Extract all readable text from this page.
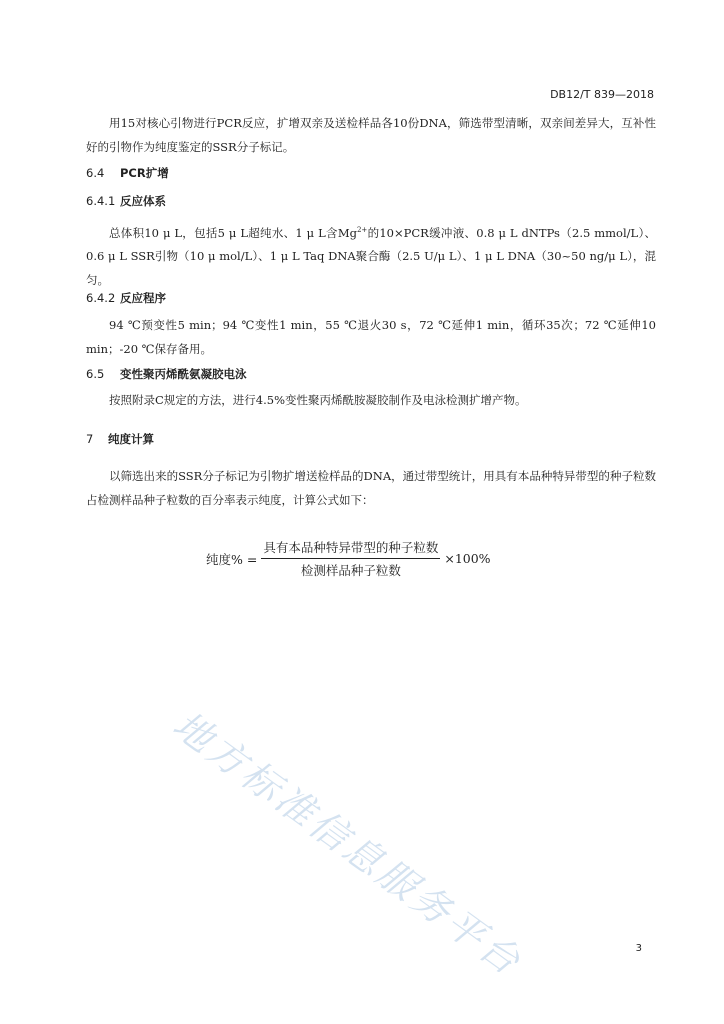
DB12/T 839—2018
用15对核心引物进行PCR反应，扩增双亲及送检样品各10份DNA，筛选带型清晰，双亲间差异大，互补性好的引物作为纯度鉴定的SSR分子标记。
6.4 PCR扩增
6.4.1 反应体系
总体积10 μ L，包括5 μ L超纯水、1 μ L含$Mg^{2+}$的10×PCR缓冲液、0.8 μ L dNTPs（2.5 mmol/L）、0.6 μ L SSR引物（10 μ mol/L）、1 μ L Taq DNA聚合酶（2.5 U/μ L）、1 μ L DNA（30~50 ng/μ L），混匀。
6.4.2 反应程序
94 ℃预变性5 min；94 ℃变性1 min，55 ℃退火30 s，72 ℃延伸1 min，循环35次；72 ℃延伸10 min；-20 ℃保存备用。
6.5 变性聚丙烯酰氨凝胶电泳
按照附录C规定的方法，进行4.5%变性聚丙烯酰胺凝胶制作及电泳检测扩增产物。
7 纯度计算
以筛选出来的SSR分子标记为引物扩增送检样品的DNA，通过带型统计，用具有本品种特异带型的种子粒数占检测样品种子粒数的百分率表示纯度，计算公式如下：
纯度% = $\frac{\text{具有本品种特异带型的种子粒数}}{\text{检测样品种子粒数}} \times 100\%$
地方标准信息服务平台	3
